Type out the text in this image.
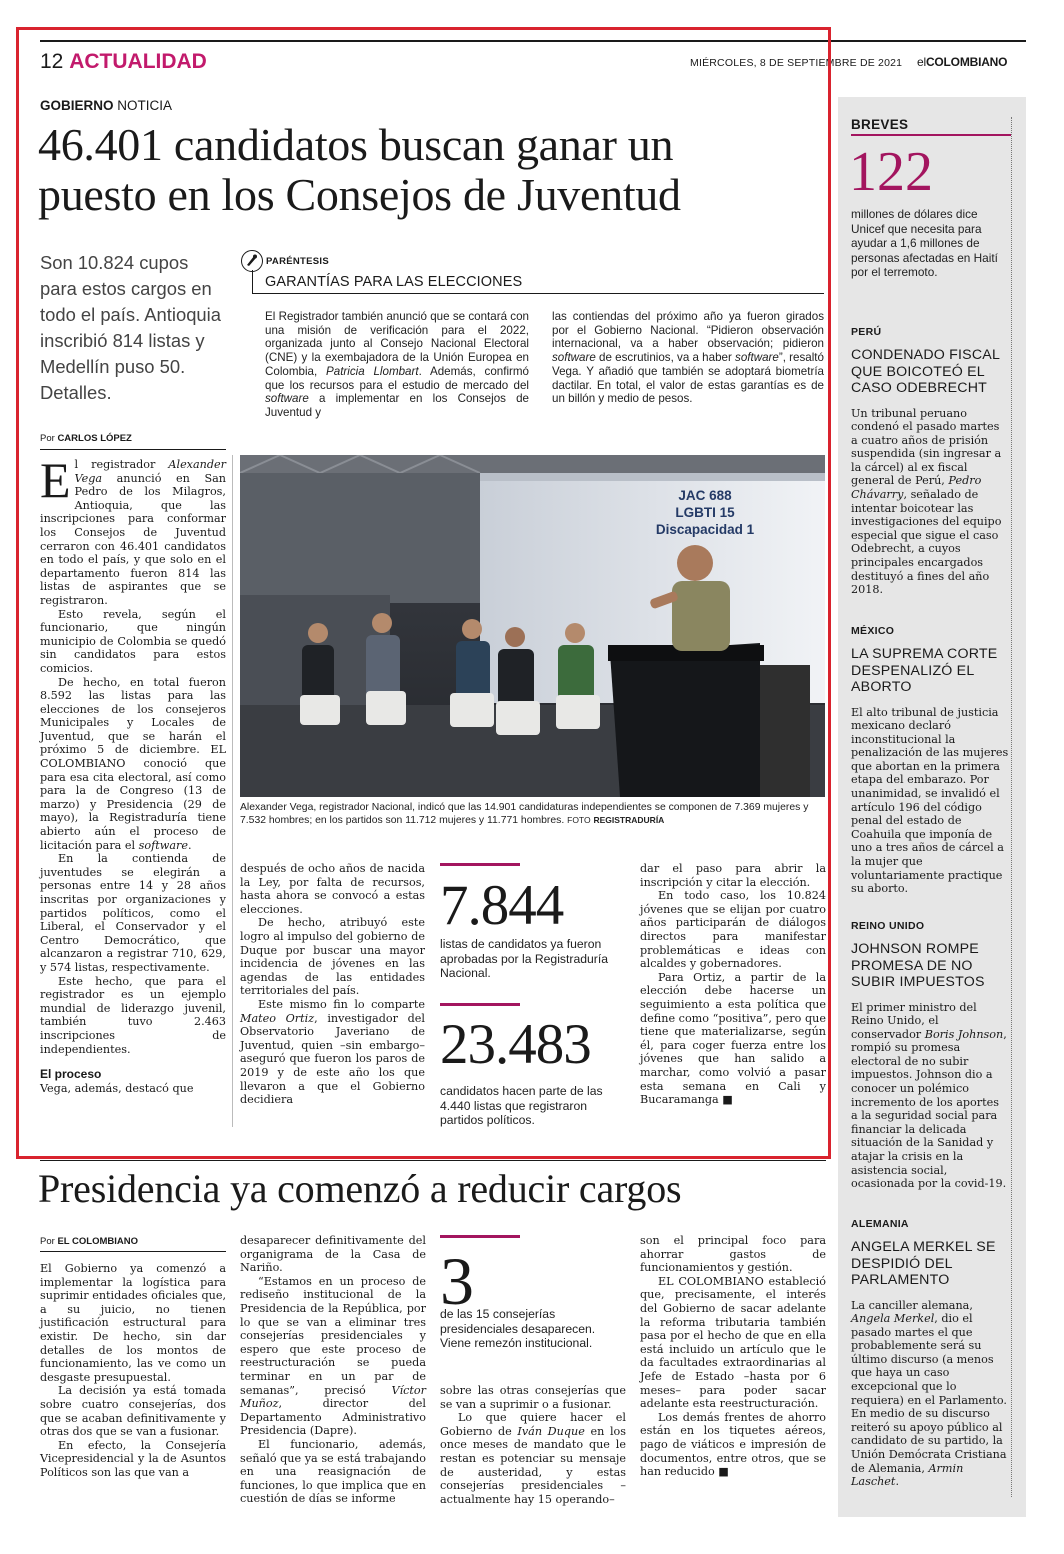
12 ACTUALIDAD	MIÉRCOLES, 8 DE SEPTIEMBRE DE 2021 elCOLOMBIANO
GOBIERNO NOTICIA
46.401 candidatos buscan ganar un
puesto en los Consejos de Juventud
Son 10.824 cupos para estos cargos en todo el país. Antioquia inscribió 814 listas y Medellín puso 50. Detalles.
Por CARLOS LÓPEZ

El registrador Alexander Vega anunció en San Pedro de los Milagros, Antioquia, que las inscripciones para conformar los Consejos de Juventud cerraron con 46.401 candidatos en todo el país, y que solo en el departamento fueron 814 las listas de aspirantes que se registraron.

Esto revela, según el funcionario, que ningún municipio de Colombia se quedó sin candidatos para estos comicios.

De hecho, en total fueron 8.592 las listas para las elecciones de los consejeros Municipales y Locales de Juventud, que se harán el próximo 5 de diciembre. EL COLOMBIANO conoció que para esa cita electoral, así como para la de Congreso (13 de marzo) y Presidencia (29 de mayo), la Registraduría tiene abierto aún el proceso de licitación para el software.

En la contienda de juventudes se elegirán a personas entre 14 y 28 años inscritas por organizaciones y partidos políticos, como el Liberal, el Conservador y el Centro Democrático, que alcanzaron a registrar 710, 629, y 574 listas, respectivamente.

Este hecho, que para el registrador es un ejemplo mundial de liderazgo juvenil, también tuvo 2.463 inscripciones de independientes.

El proceso

Vega, además, destacó que

PARÉNTESIS
GARANTÍAS PARA LAS ELECCIONES
El Registrador también anunció que se contará con una misión de verificación para el 2022, organizada junto al Consejo Nacional Electoral (CNE) y la exembajadora de la Unión Europea en Colombia, Patricia Llombart. Además, confirmó que los recursos para el estudio de mercado del software a implementar en los Consejos de Juventud y
las contiendas del próximo año ya fueron girados por el Gobierno Nacional. “Pidieron observación internacional, va a haber observación; pidieron software de escrutinios, va a haber software”, resaltó Vega. Y añadió que también se adoptará biometría dactilar. En total, el valor de estas garantías es de un billón y medio de pesos.
JAC 688
LGBTI 15
Discapacidad 1
Alexander Vega, registrador Nacional, indicó que las 14.901 candidaturas independientes se componen de 7.369 mujeres y 7.532 hombres; en los partidos son 11.712 mujeres y 11.771 hombres. FOTO REGISTRADURÍA

después de ocho años de nacida la Ley, por falta de recursos, hasta ahora se convocó a estas elecciones.

De hecho, atribuyó este logro al impulso del gobierno de Duque por buscar una mayor incidencia de jóvenes en las agendas de las entidades territoriales del país.

Este mismo fin lo comparte Mateo Ortiz, investigador del Observatorio Javeriano de Juventud, quien –sin embargo– aseguró que fueron los paros de 2019 y de este año los que llevaron a que el Gobierno decidiera

7.844
listas de candidatos ya fueron aprobadas por la Registraduría Nacional.
23.483
candidatos hacen parte de las 4.440 listas que registraron partidos políticos.

dar el paso para abrir la inscripción y citar la elección.

En todo caso, los 10.824 jóvenes que se elijan por cuatro años participarán de diálogos directos para manifestar problemáticas e ideas con alcaldes y gobernadores.

Para Ortiz, a partir de la elección debe hacerse un seguimiento a esta política que define como “positiva”, pero que tiene que materializarse, según él, para coger fuerza entre los jóvenes que han salido a marchar, como volvió a pasar esta semana en Cali y Bucaramanga ■

Presidencia ya comenzó a reducir cargos
Por EL COLOMBIANO

El Gobierno ya comenzó a implementar la logística para suprimir entidades oficiales que, a su juicio, no tienen justificación estructural para existir. De hecho, sin dar detalles de los montos de funcionamiento, las ve como un desgaste presupuestal.

La decisión ya está tomada sobre cuatro consejerías, dos que se acaban definitivamente y otras dos que se van a fusionar.

En efecto, la Consejería Vicepresidencial y la de Asuntos Políticos son las que van a

desaparecer definitivamente del organigrama de la Casa de Nariño.

“Estamos en un proceso de rediseño institucional de la Presidencia de la República, por lo que se van a eliminar tres consejerías presidenciales y espero que este proceso de reestructuración se pueda terminar en un par de semanas”, precisó Víctor Muñoz, director del Departamento Administrativo Presidencia (Dapre).

El funcionario, además, señaló que ya se está trabajando en una reasignación de funciones, lo que implica que en cuestión de días se informe

3
de las 15 consejerías presidenciales desaparecen. Viene remezón institucional.

sobre las otras consejerías que se van a suprimir o a fusionar.

Lo que quiere hacer el Gobierno de Iván Duque en los once meses de mandato que le restan es potenciar su mensaje de austeridad, y estas consejerías presidenciales –actualmente hay 15 operando–

son el principal foco para ahorrar gastos de funcionamientos y gestión.

EL COLOMBIANO estableció que, precisamente, el interés del Gobierno de sacar adelante la reforma tributaria también pasa por el hecho de que en ella está incluido un artículo que le da facultades extraordinarias al Jefe de Estado –hasta por 6 meses– para poder sacar adelante esta reestructuración.

Los demás frentes de ahorro están en los tiquetes aéreos, pago de viáticos e impresión de documentos, entre otros, que se han reducido ■

BREVES
122
millones de dólares dice Unicef que necesita para ayudar a 1,6 millones de personas afectadas en Haití por el terremoto.
PERÚ
CONDENADO FISCAL QUE BOICOTEÓ EL CASO ODEBRECHT
Un tribunal peruano condenó el pasado martes a cuatro años de prisión suspendida (sin ingresar a la cárcel) al ex fiscal general de Perú, Pedro Chávarry, señalado de intentar boicotear las investigaciones del equipo especial que sigue el caso Odebrecht, a cuyos principales encargados destituyó a fines del año 2018.
MÉXICO
LA SUPREMA CORTE DESPENALIZÓ EL ABORTO
El alto tribunal de justicia mexicano declaró inconstitucional la penalización de las mujeres que abortan en la primera etapa del embarazo. Por unanimidad, se invalidó el artículo 196 del código penal del estado de Coahuila que imponía de uno a tres años de cárcel a la mujer que voluntariamente practique su aborto.
REINO UNIDO
JOHNSON ROMPE PROMESA DE NO SUBIR IMPUESTOS
El primer ministro del Reino Unido, el conservador Boris Johnson, rompió su promesa electoral de no subir impuestos. Johnson dio a conocer un polémico incremento de los aportes a la seguridad social para financiar la delicada situación de la Sanidad y atajar la crisis en la asistencia social, ocasionada por la covid-19.
ALEMANIA
ANGELA MERKEL SE DESPIDIÓ DEL PARLAMENTO
La canciller alemana, Angela Merkel, dio el pasado martes el que probablemente será su último discurso (a menos que haya un caso excepcional que lo requiera) en el Parlamento. En medio de su discurso reiteró su apoyo público al candidato de su partido, la Unión Demócrata Cristiana de Alemania, Armin Laschet.
